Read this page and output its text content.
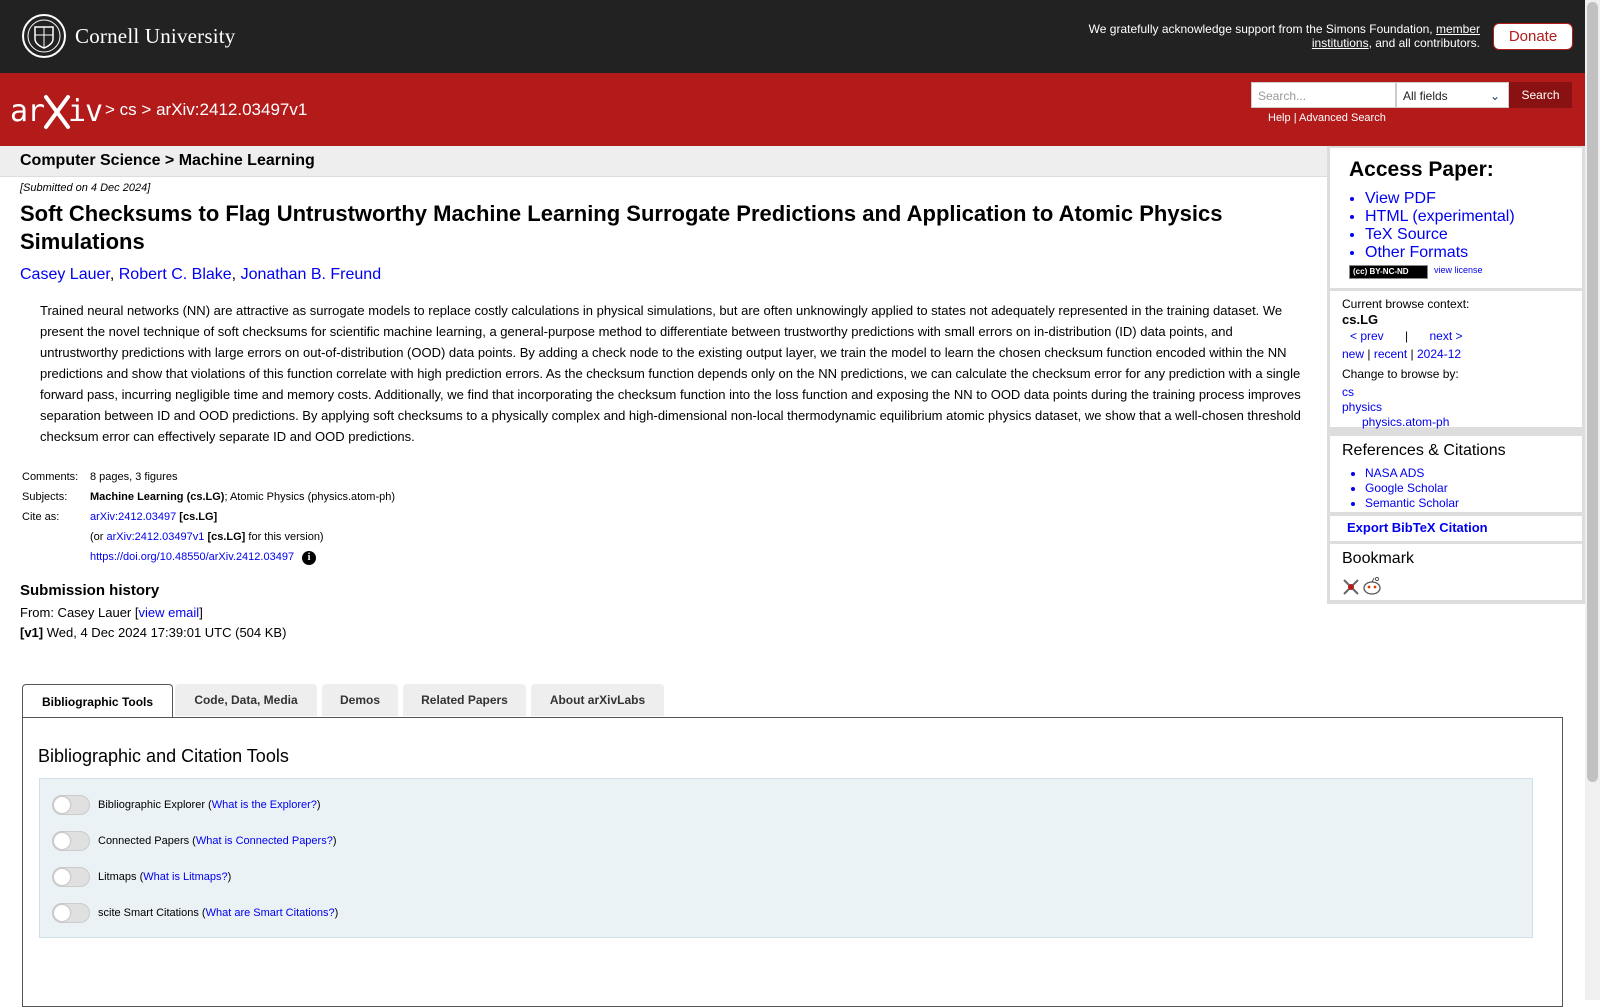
Cornell University	We gratefully acknowledge support from the Simons Foundation, member institutions, and all contributors.	Donate
ar iv > cs > arXiv:2412.03497v1
Search...	All fields	⌄	Search
Help | Advanced Search
Computer Science > Machine Learning
[Submitted on 4 Dec 2024]
Soft Checksums to Flag Untrustworthy Machine Learning Surrogate Predictions and Application to Atomic Physics Simulations
Casey Lauer, Robert C. Blake, Jonathan B. Freund
Trained neural networks (NN) are attractive as surrogate models to replace costly calculations in physical simulations, but are often unknowingly applied to states not adequately represented in the training dataset. We present the novel technique of soft checksums for scientific machine learning, a general-purpose method to differentiate between trustworthy predictions with small errors on in-distribution (ID) data points, and untrustworthy predictions with large errors on out-of-distribution (OOD) data points. By adding a check node to the existing output layer, we train the model to learn the chosen checksum function encoded within the NN predictions and show that violations of this function correlate with high prediction errors. As the checksum function depends only on the NN predictions, we can calculate the checksum error for any prediction with a single forward pass, incurring negligible time and memory costs. Additionally, we find that incorporating the checksum function into the loss function and exposing the NN to OOD data points during the training process improves separation between ID and OOD predictions. By applying soft checksums to a physically complex and high-dimensional non-local thermodynamic equilibrium atomic physics dataset, we show that a well-chosen threshold checksum error can effectively separate ID and OOD predictions.
Comments:	8 pages, 3 figures
Subjects:	Machine Learning (cs.LG); Atomic Physics (physics.atom-ph)
Cite as:	arXiv:2412.03497 [cs.LG]
	(or arXiv:2412.03497v1 [cs.LG] for this version)
	https://doi.org/10.48550/arXiv.2412.03497 i
Submission history
From: Casey Lauer [view email]
[v1] Wed, 4 Dec 2024 17:39:01 UTC (504 KB)
Access Paper:
• View PDF
• HTML (experimental)
• TeX Source
• Other Formats
(cc) BY-NC-ND	view license
Current browse context:
cs.LG
< prev | next >
new | recent | 2024-12
Change to browse by:
cs
physics
physics.atom-ph
References & Citations
• NASA ADS
• Google Scholar
• Semantic Scholar
Export BibTeX Citation
Bookmark
Bibliographic Tools	Code, Data, Media	Demos	Related Papers	About arXivLabs
Bibliographic and Citation Tools
Bibliographic Explorer ( What is the Explorer? )
Connected Papers ( What is Connected Papers? )
Litmaps ( What is Litmaps? )
scite Smart Citations ( What are Smart Citations? )
